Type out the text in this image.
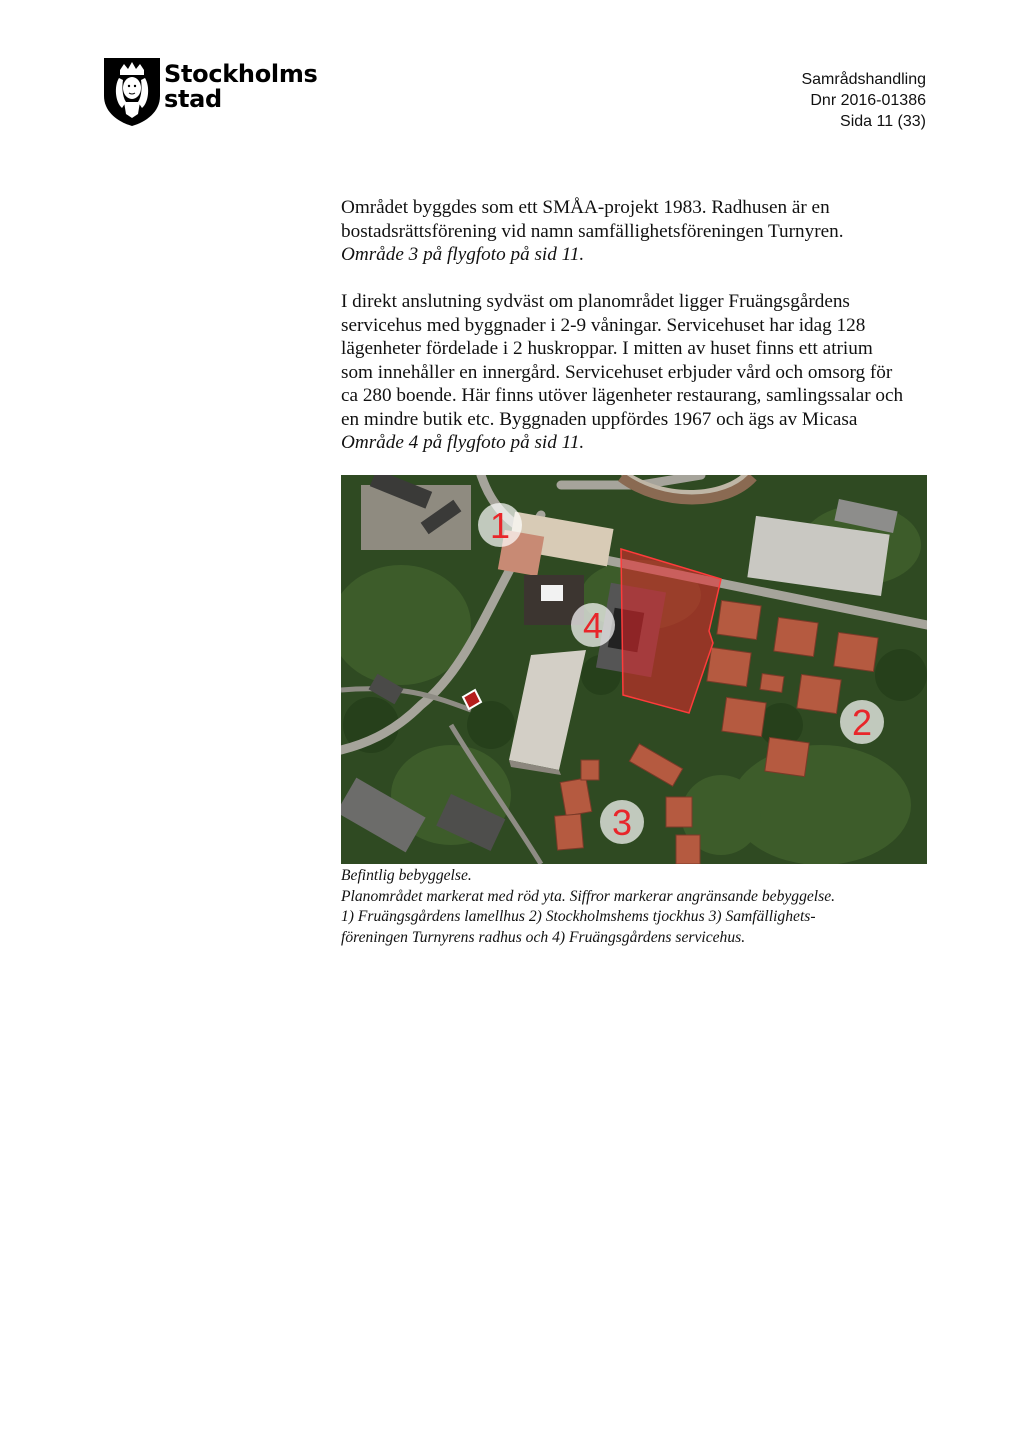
Stockholms
stad
Samrådshandling
Dnr 2016-01386
Sida 11 (33)

Området byggdes som ett SMÅA-projekt 1983. Radhusen är en

bostadsrättsförening vid namn samfällighetsföreningen Turnyren.

Område 3 på flygfoto på sid 11.

I direkt anslutning sydväst om planområdet ligger Fruängsgårdens

servicehus med byggnader i 2-9 våningar. Servicehuset har idag 128

lägenheter fördelade i 2 huskroppar. I mitten av huset finns ett atrium

som innehåller en innergård. Servicehuset erbjuder vård och omsorg för

ca 280 boende. Här finns utöver lägenheter restaurang, samlingssalar och

en mindre butik etc. Byggnaden uppfördes 1967 och ägs av Micasa

Område 4 på flygfoto på sid 11.

1
4
2
3
Befintlig bebyggelse.
Planområdet markerat med röd yta. Siffror markerar angränsande bebyggelse.
1) Fruängsgårdens lamellhus 2) Stockholmshems tjockhus 3) Samfällighets-
föreningen Turnyrens radhus och 4) Fruängsgårdens servicehus.
